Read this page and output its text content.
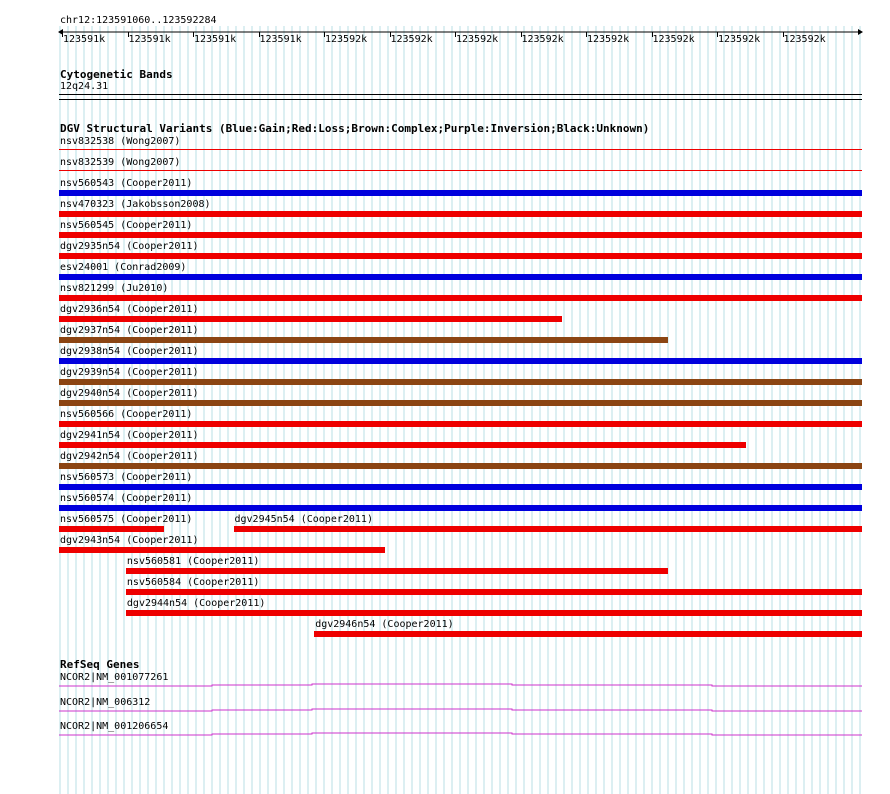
chr12:123591060..123592284
123591k 123591k 123591k 123591k 123592k 123592k 123592k 123592k 123592k 123592k 123592k 123592k
Cytogenetic Bands
12q24.31
DGV Structural Variants (Blue:Gain;Red:Loss;Brown:Complex;Purple:Inversion;Black:Unknown)
nsv832538 (Wong2007)
nsv832539 (Wong2007)
nsv560543 (Cooper2011)
nsv470323 (Jakobsson2008)
nsv560545 (Cooper2011)
dgv2935n54 (Cooper2011)
esv24001 (Conrad2009)
nsv821299 (Ju2010)
dgv2936n54 (Cooper2011)
dgv2937n54 (Cooper2011)
dgv2938n54 (Cooper2011)
dgv2939n54 (Cooper2011)
dgv2940n54 (Cooper2011)
nsv560566 (Cooper2011)
dgv2941n54 (Cooper2011)
dgv2942n54 (Cooper2011)
nsv560573 (Cooper2011)
nsv560574 (Cooper2011)
nsv560575 (Cooper2011)	dgv2945n54 (Cooper2011)
dgv2943n54 (Cooper2011)
nsv560581 (Cooper2011)
nsv560584 (Cooper2011)
dgv2944n54 (Cooper2011)
dgv2946n54 (Cooper2011)
RefSeq Genes
NCOR2|NM_001077261
NCOR2|NM_006312
NCOR2|NM_001206654
